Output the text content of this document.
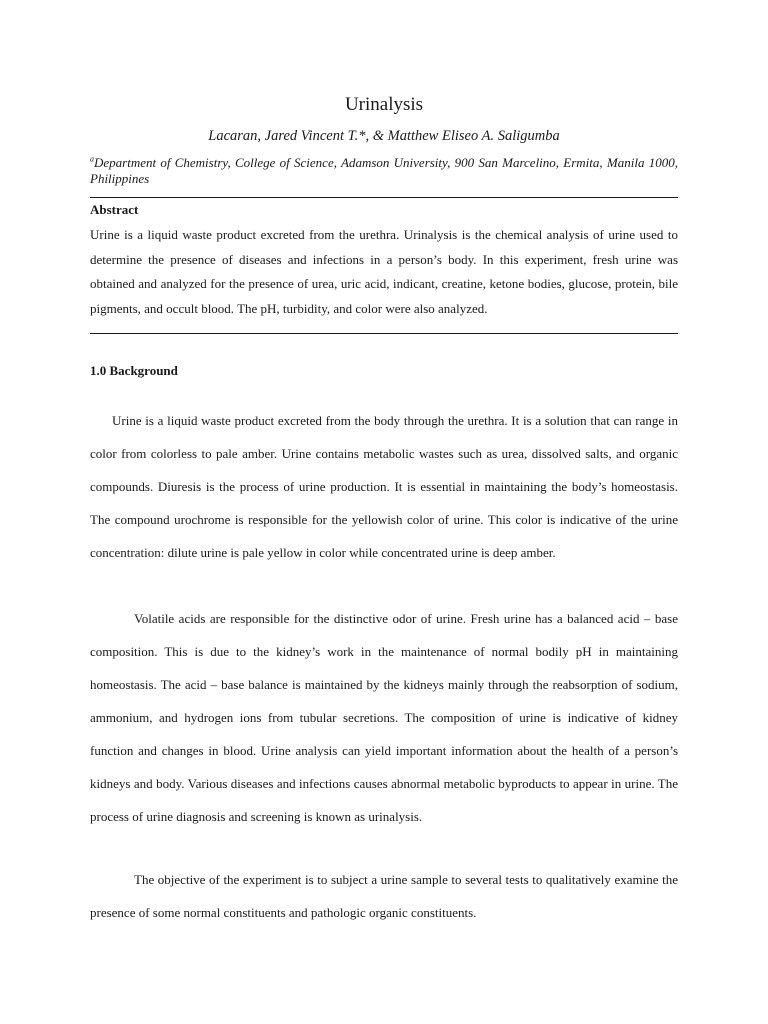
Urinalysis
Lacaran, Jared Vincent T.*, & Matthew Eliseo A. Saligumba
$^a$Department of Chemistry, College of Science, Adamson University, 900 San Marcelino, Ermita, Manila 1000, Philippines
Abstract
Urine is a liquid waste product excreted from the urethra. Urinalysis is the chemical analysis of urine used to determine the presence of diseases and infections in a person’s body. In this experiment, fresh urine was obtained and analyzed for the presence of urea, uric acid, indicant, creatine, ketone bodies, glucose, protein, bile pigments, and occult blood. The pH, turbidity, and color were also analyzed.
1.0 Background

Urine is a liquid waste product excreted from the body through the urethra. It is a solution that can range in color from colorless to pale amber. Urine contains metabolic wastes such as urea, dissolved salts, and organic compounds. Diuresis is the process of urine production. It is essential in maintaining the body’s homeostasis. The compound urochrome is responsible for the yellowish color of urine. This color is indicative of the urine concentration: dilute urine is pale yellow in color while concentrated urine is deep amber.

Volatile acids are responsible for the distinctive odor of urine. Fresh urine has a balanced acid – base composition. This is due to the kidney’s work in the maintenance of normal bodily pH in maintaining homeostasis. The acid – base balance is maintained by the kidneys mainly through the reabsorption of sodium, ammonium, and hydrogen ions from tubular secretions. The composition of urine is indicative of kidney function and changes in blood. Urine analysis can yield important information about the health of a person’s kidneys and body. Various diseases and infections causes abnormal metabolic byproducts to appear in urine. The process of urine diagnosis and screening is known as urinalysis.

The objective of the experiment is to subject a urine sample to several tests to qualitatively examine the presence of some normal constituents and pathologic organic constituents.
